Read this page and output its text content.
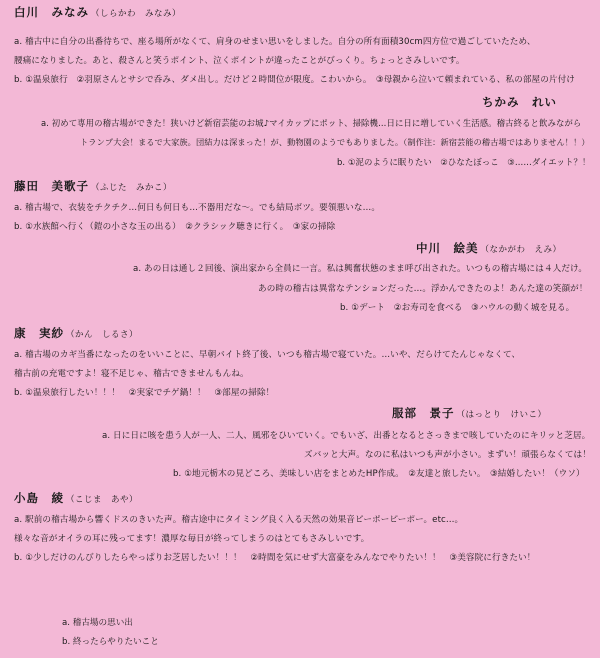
白川　みなみ （しらかわ　みなみ）
a. 稽古中に自分の出番待ちで、座る場所がなくて、肩身のせまい思いをしました。自分の所有面積30cm四方位で過ごしていたため、
腰痛になりました。あと、殺さんと笑うポイント、泣くポイントが違ったことがびっくり。ちょっとさみしいです。
b. ①温泉旅行　②羽原さんとサシで呑み、ダメ出し。だけど２時間位が限度。こわいから。　③母親から泣いて頼まれている、私の部屋の片付け
ちかみ　れい
a. 初めて専用の稽古場ができた！狭いけど新宿芸能のお城♪マイカップにポット、掃除機…日に日に増していく生活感。稽古終ると飲みながら
トランプ大会！まるで大家族。団結力は深まった！が、動物園のようでもありました。（制作注：新宿芸能の稽古場ではありません！！）
b. ①泥のように眠りたい　②ひなたぼっこ　③……ダイエット？！
藤田　美歌子 （ふじた　みかこ）
a. 稽古場で、衣装をチクチク…何日も何日も…不器用だな〜。でも結局ボツ。要領悪いな…。
b. ①水族館へ行く（鎧の小さな玉の出る）　②クラシック聴きに行く。　③家の掃除
中川　絵美 （なかがわ　えみ）
a. あの日は通し２回後、演出家から全員に一言。私は興奮状態のまま呼び出された。いつもの稽古場には４人だけ。
あの時の稽古は異常なテンションだった…。浮かんできたのよ！あんた達の笑顔が！
b. ①デート　②お寿司を食べる　③ハウルの動く城を見る。
康　実紗 （かん　しるさ）
a. 稽古場のカギ当番になったのをいいことに、早朝バイト終了後、いつも稽古場で寝ていた。…いや、だらけてたんじゃなくて、
稽古前の充電ですよ！寝不足じゃ、稽古できませんもんね。
b. ①温泉旅行したい！！！　②実家でチゲ鍋！！　③部屋の掃除！
服部　景子 （はっとり　けいこ）
a. 日に日に咳を患う人が一人、二人、風邪をひいていく。でもいざ、出番となるとさっきまで咳していたのにキリッと芝居。
ズバッと大声。なのに私はいつも声が小さい。まずい！頑張らなくては！
b. ①地元栃木の見どころ、美味しい店をまとめたHP作成。　②友達と旅したい。　③結婚したい！（ウソ）
小島　綾 （こじま　あや）
a. 駅前の稽古場から響くドスのきいた声。稽古途中にタイミング良く入る天然の効果音ピーポーピーポー。etc…。
様々な音がオイラの耳に残ってます！濃厚な毎日が終ってしまうのはとてもさみしいです。
b. ①少しだけのんびりしたらやっぱりお芝居したい！！！　②時間を気にせず大富豪をみんなでやりたい！！　③美容院に行きたい！
a. 稽古場の思い出
b. 終ったらやりたいこと
